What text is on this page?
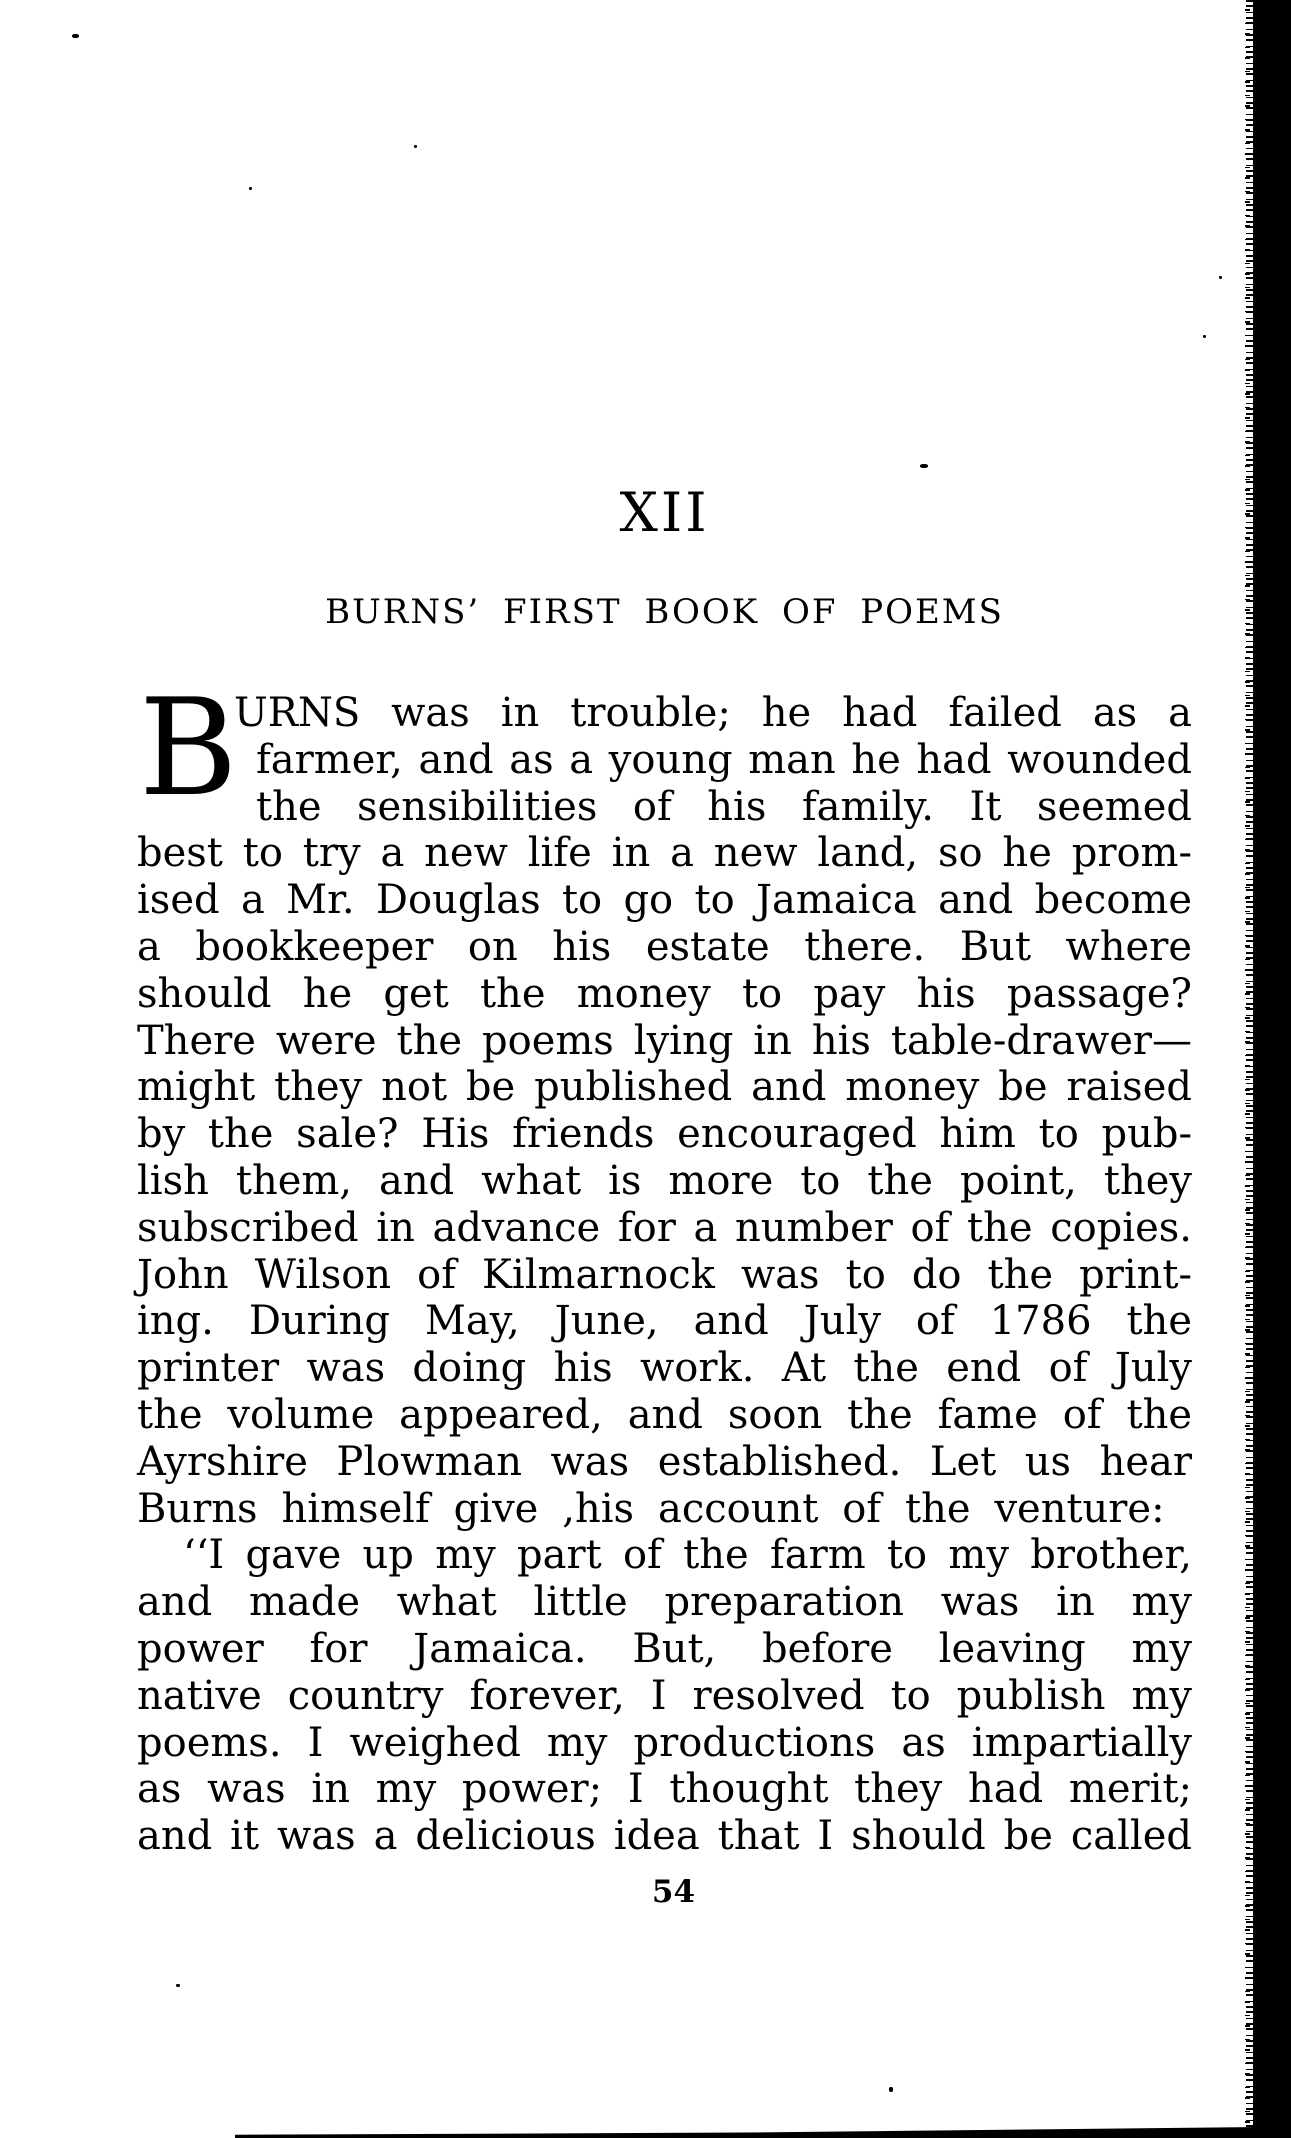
XII
BURNS’ FIRST BOOK OF POEMS
B
URNS was in trouble; he had failed as a
farmer, and as a young man he had wounded
the sensibilities of his family. It seemed
best to try a new life in a new land, so he prom-
ised a Mr. Douglas to go to Jamaica and become
a bookkeeper on his estate there. But where
should he get the money to pay his passage?
There were the poems lying in his table-drawer—
might they not be published and money be raised
by the sale? His friends encouraged him to pub-
lish them, and what is more to the point, they
subscribed in advance for a number of the copies.
John Wilson of Kilmarnock was to do the print-
ing. During May, June, and July of 1786 the
printer was doing his work. At the end of July
the volume appeared, and soon the fame of the
Ayrshire Plowman was established. Let us hear
Burns himself give ,his account of the venture:
‘‘I gave up my part of the farm to my brother,
and made what little preparation was in my
power for Jamaica. But, before leaving my
native country forever, I resolved to publish my
poems. I weighed my productions as impartially
as was in my power; I thought they had merit;
and it was a delicious idea that I should be called
54
